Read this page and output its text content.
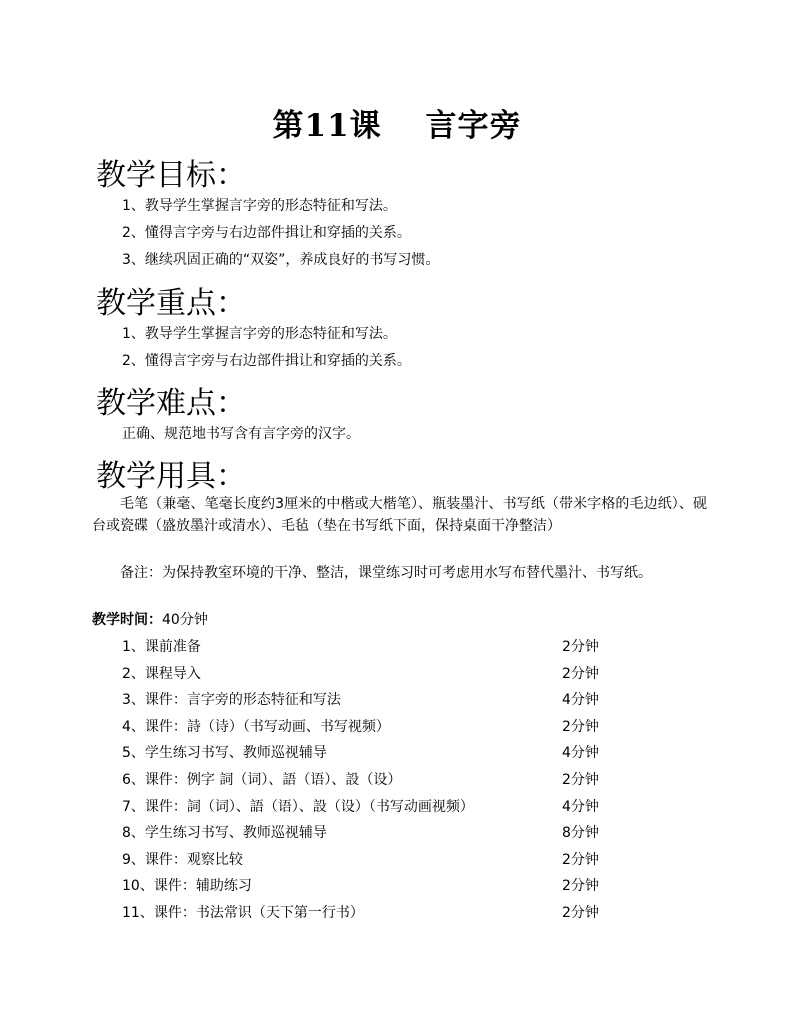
第11课　 言字旁
教学目标：
1、教导学生掌握言字旁的形态特征和写法。
2、懂得言字旁与右边部件揖让和穿插的关系。
3、继续巩固正确的“双姿”，养成良好的书写习惯。
教学重点：
1、教导学生掌握言字旁的形态特征和写法。
2、懂得言字旁与右边部件揖让和穿插的关系。
教学难点：
正确、规范地书写含有言字旁的汉字。
教学用具：
毛笔（兼毫、笔毫长度约3厘米的中楷或大楷笔）、瓶装墨汁、书写纸（带米字格的毛边纸）、砚台或瓷碟（盛放墨汁或清水）、毛毡（垫在书写纸下面，保持桌面干净整洁）
备注：为保持教室环境的干净、整洁，课堂练习时可考虑用水写布替代墨汁、书写纸。
教学时间：40分钟
1、课前准备	2分钟
2、课程导入	2分钟
3、课件：言字旁的形态特征和写法	4分钟
4、课件：詩（诗）（书写动画、书写视频）	2分钟
5、学生练习书写、教师巡视辅导	4分钟
6、课件：例字 詞（词）、語（语）、設（设）	2分钟
7、课件：詞（词）、語（语）、設（设）（书写动画视频）	4分钟
8、学生练习书写、教师巡视辅导	8分钟
9、课件：观察比较	2分钟
10、课件：辅助练习	2分钟
11、课件：书法常识（天下第一行书）	2分钟
